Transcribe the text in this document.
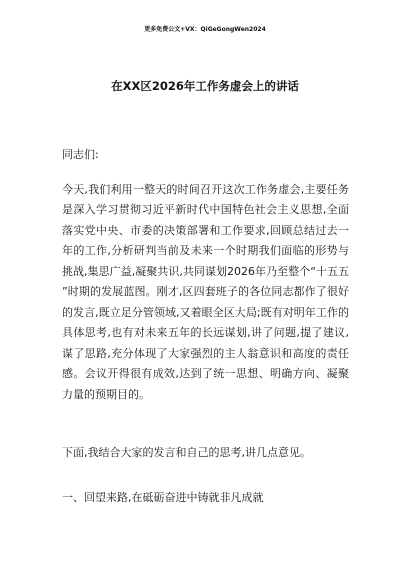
更多免费公文+VX：QiGeGongWen2024
在XX区2026年工作务虚会上的讲话
同志们:
今天,我们利用一整天的时间召开这次工作务虚会,主要任务是深入学习贯彻习近平新时代中国特色社会主义思想,全面落实党中央、市委的决策部署和工作要求,回顾总结过去一年的工作,分析研判当前及未来一个时期我们面临的形势与挑战,集思广益,凝聚共识,共同谋划2026年乃至整个“十五五”时期的发展蓝图。刚才,区四套班子的各位同志都作了很好的发言,既立足分管领域,又着眼全区大局;既有对明年工作的具体思考,也有对未来五年的长远谋划,讲了问题,提了建议,谋了思路,充分体现了大家强烈的主人翁意识和高度的责任感。会议开得很有成效,达到了统一思想、明确方向、凝聚力量的预期目的。
下面,我结合大家的发言和自己的思考,讲几点意见。
一、回望来路,在砥砺奋进中铸就非凡成就
